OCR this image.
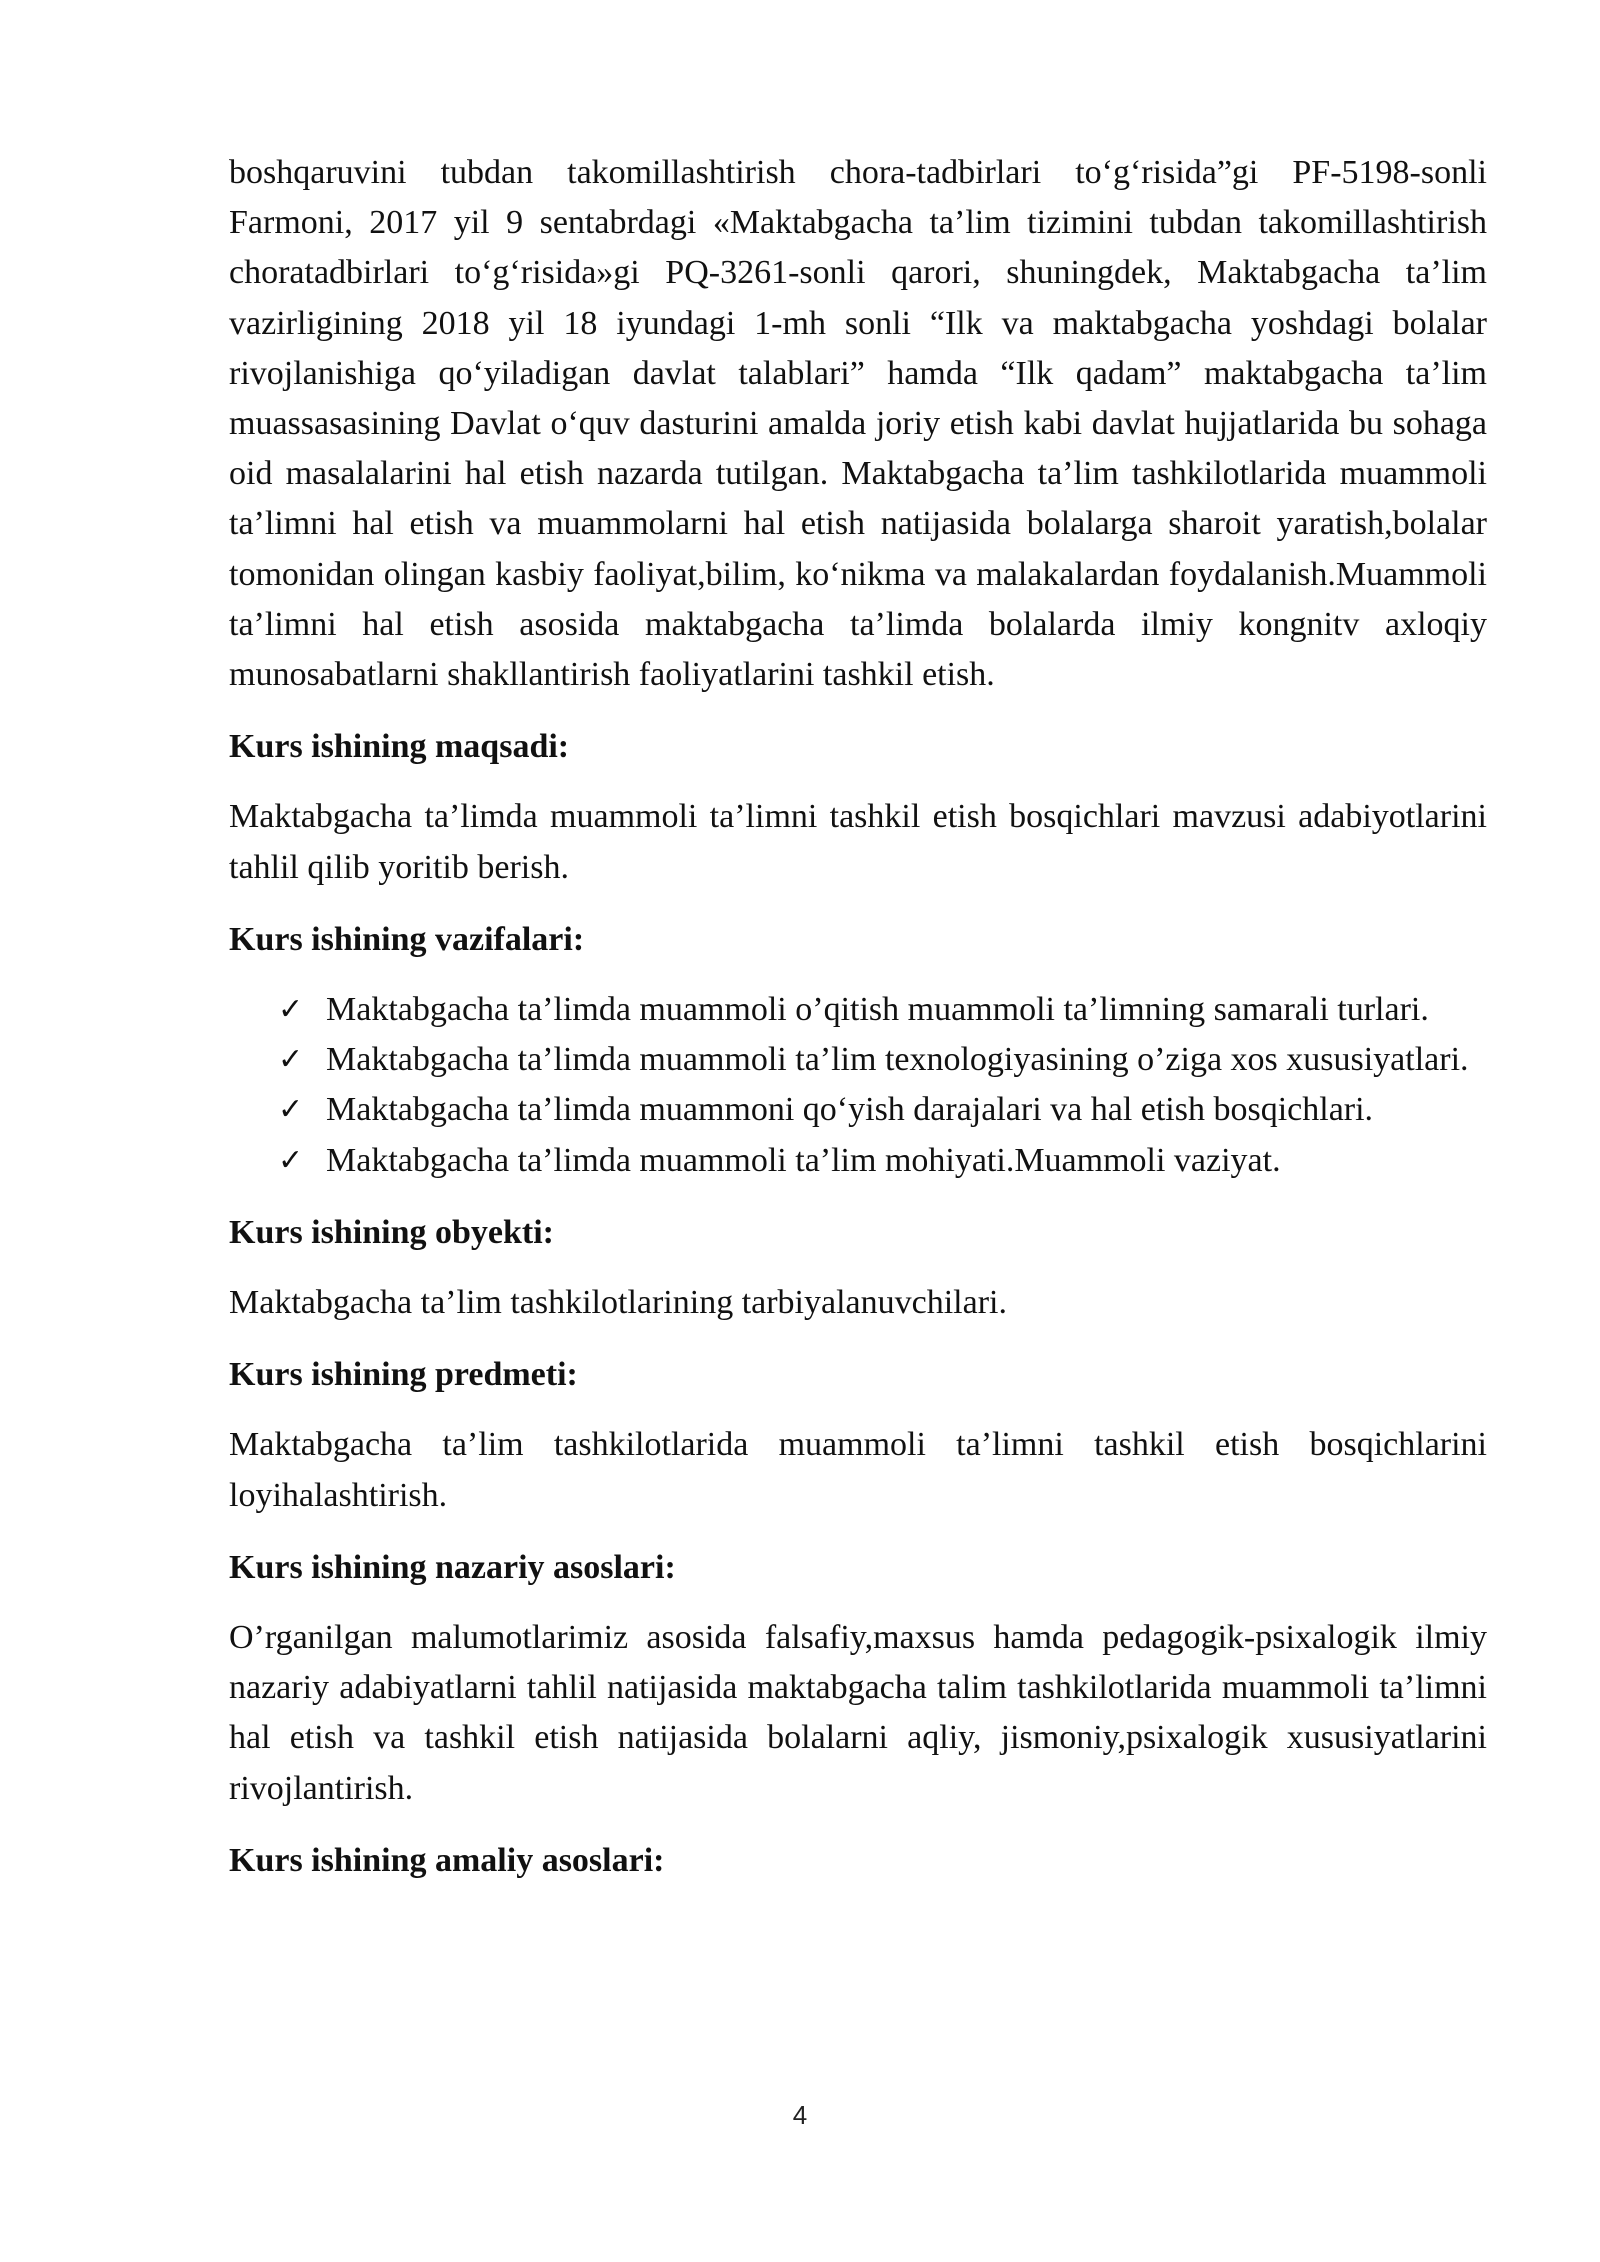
boshqaruvini tubdan takomillashtirish chora-tadbirlari to‘g‘risida”gi PF-5198-sonli Farmoni, 2017 yil 9 sentabrdagi «Maktabgacha ta’lim tizimini tubdan takomillashtirish choratadbirlari to‘g‘risida»gi PQ-3261-sonli qarori, shuningdek, Maktabgacha ta’lim vazirligining 2018 yil 18 iyundagi 1-mh sonli “Ilk va maktabgacha yoshdagi bolalar rivojlanishiga qo‘yiladigan davlat talablari” hamda “Ilk qadam” maktabgacha ta’lim muassasasining Davlat o‘quv dasturini amalda joriy etish kabi davlat hujjatlarida bu sohaga oid masalalarini hal etish nazarda tutilgan. Maktabgacha ta’lim tashkilotlarida muammoli ta’limni hal etish va muammolarni hal etish natijasida bolalarga sharoit yaratish,bolalar tomonidan olingan kasbiy faoliyat,bilim, ko‘nikma va malakalardan foydalanish.Muammoli ta’limni hal etish asosida maktabgacha ta’limda bolalarda ilmiy kongnitv axloqiy munosabatlarni shakllantirish faoliyatlarini tashkil etish.

Kurs ishining maqsadi:

Maktabgacha ta’limda muammoli ta’limni tashkil etish bosqichlari mavzusi adabiyotlarini tahlil qilib yoritib berish.

Kurs ishining vazifalari:

✓ Maktabgacha ta’limda muammoli o’qitish muammoli ta’limning samarali turlari.
✓ Maktabgacha ta’limda muammoli ta’lim texnologiyasining o’ziga xos xususiyatlari.
✓ Maktabgacha ta’limda muammoni qo‘yish darajalari va hal etish bosqichlari.
✓ Maktabgacha ta’limda muammoli ta’lim mohiyati.Muammoli vaziyat.

Kurs ishining obyekti:

Maktabgacha ta’lim tashkilotlarining tarbiyalanuvchilari.

Kurs ishining predmeti:

Maktabgacha ta’lim tashkilotlarida muammoli ta’limni tashkil etish bosqichlarini loyihalashtirish.

Kurs ishining nazariy asoslari:

O’rganilgan malumotlarimiz asosida falsafiy,maxsus hamda pedagogik-psixalogik ilmiy nazariy adabiyatlarni tahlil natijasida maktabgacha talim tashkilotlarida muammoli ta’limni hal etish va tashkil etish natijasida bolalarni aqliy, jismoniy,psixalogik xususiyatlarini rivojlantirish.

Kurs ishining amaliy asoslari:

4
